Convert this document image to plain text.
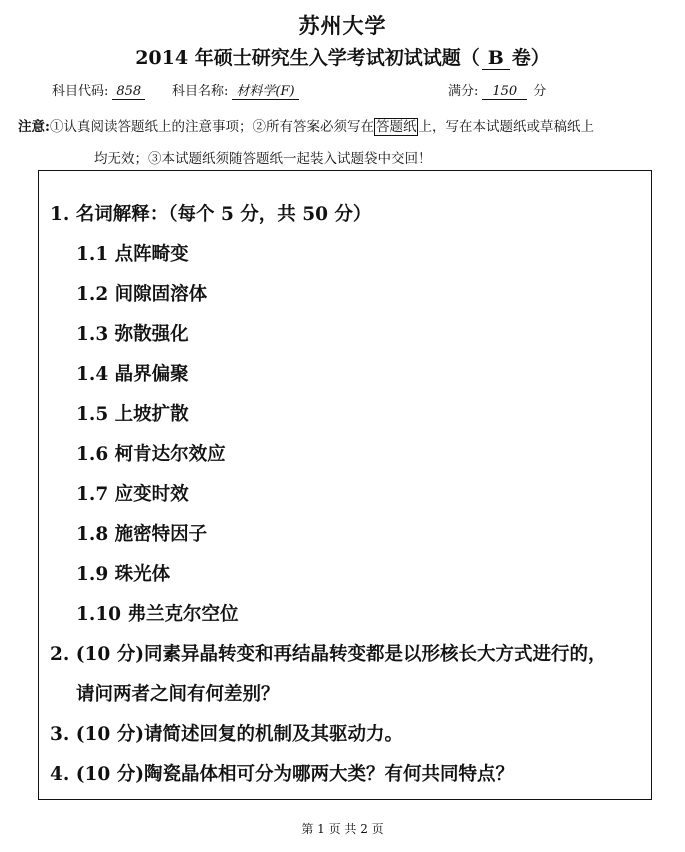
苏州大学
2014 年硕士研究生入学考试初试试题（ B 卷）
科目代码: 858	科目名称: 材料学(F)	满分: 150 分
注意:①认真阅读答题纸上的注意事项；②所有答案必须写在 答题纸 上，写在本试题纸或草稿纸上
均无效；③本试题纸须随答题纸一起装入试题袋中交回！
1. 名词解释：（每个 5 分，共 50 分）
1.1 点阵畸变
1.2 间隙固溶体
1.3 弥散强化
1.4 晶界偏聚
1.5 上坡扩散
1.6 柯肯达尔效应
1.7 应变时效
1.8 施密特因子
1.9 珠光体
1.10 弗兰克尔空位
2. (10 分)同素异晶转变和再结晶转变都是以形核长大方式进行的，
请问两者之间有何差别？
3. (10 分)请简述回复的机制及其驱动力。
4. (10 分)陶瓷晶体相可分为哪两大类？有何共同特点？
第 1 页 共 2 页
